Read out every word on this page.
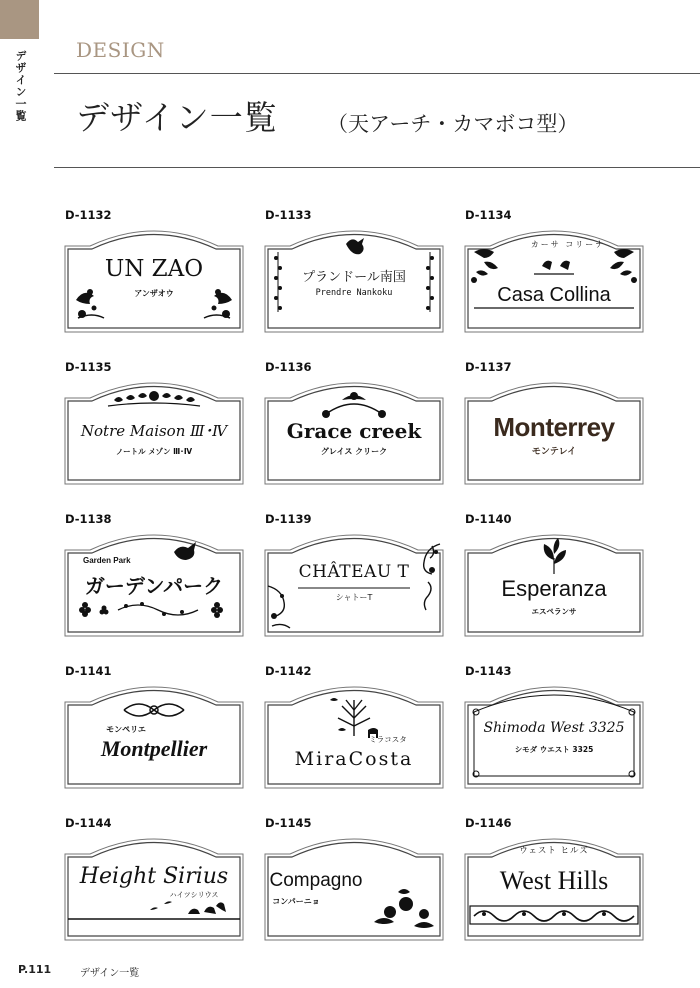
デザイン一覧 DESIGN
デザイン一覧 （天アーチ・カマボコ型）
D-1132
UN ZAO
アンザオウ
D-1133
プランドール南国
Prendre Nankoku
D-1134
カーサ コリーナ
Casa Collina
D-1135
Notre Maison Ⅲ･Ⅳ
ノートル メゾン Ⅲ･Ⅳ
D-1136
Grace creek
グレイス クリーク
D-1137
Monterrey
モンテレイ
D-1138
Garden Park
ガーデンパーク
D-1139
CHÂTEAU T
シャトーT
D-1140
Esperanza
エスペランサ
D-1141
モンペリエ
Montpellier
D-1142
ミラコスタ
MiraCosta
D-1143
Shimoda West 3325
シモダ ウエスト 3325
D-1144
Height Sirius
ハイツシリウス
D-1145
Compagno
コンパーニョ
D-1146
ウェスト ヒルズ
West Hills
P.111	デザイン一覧
